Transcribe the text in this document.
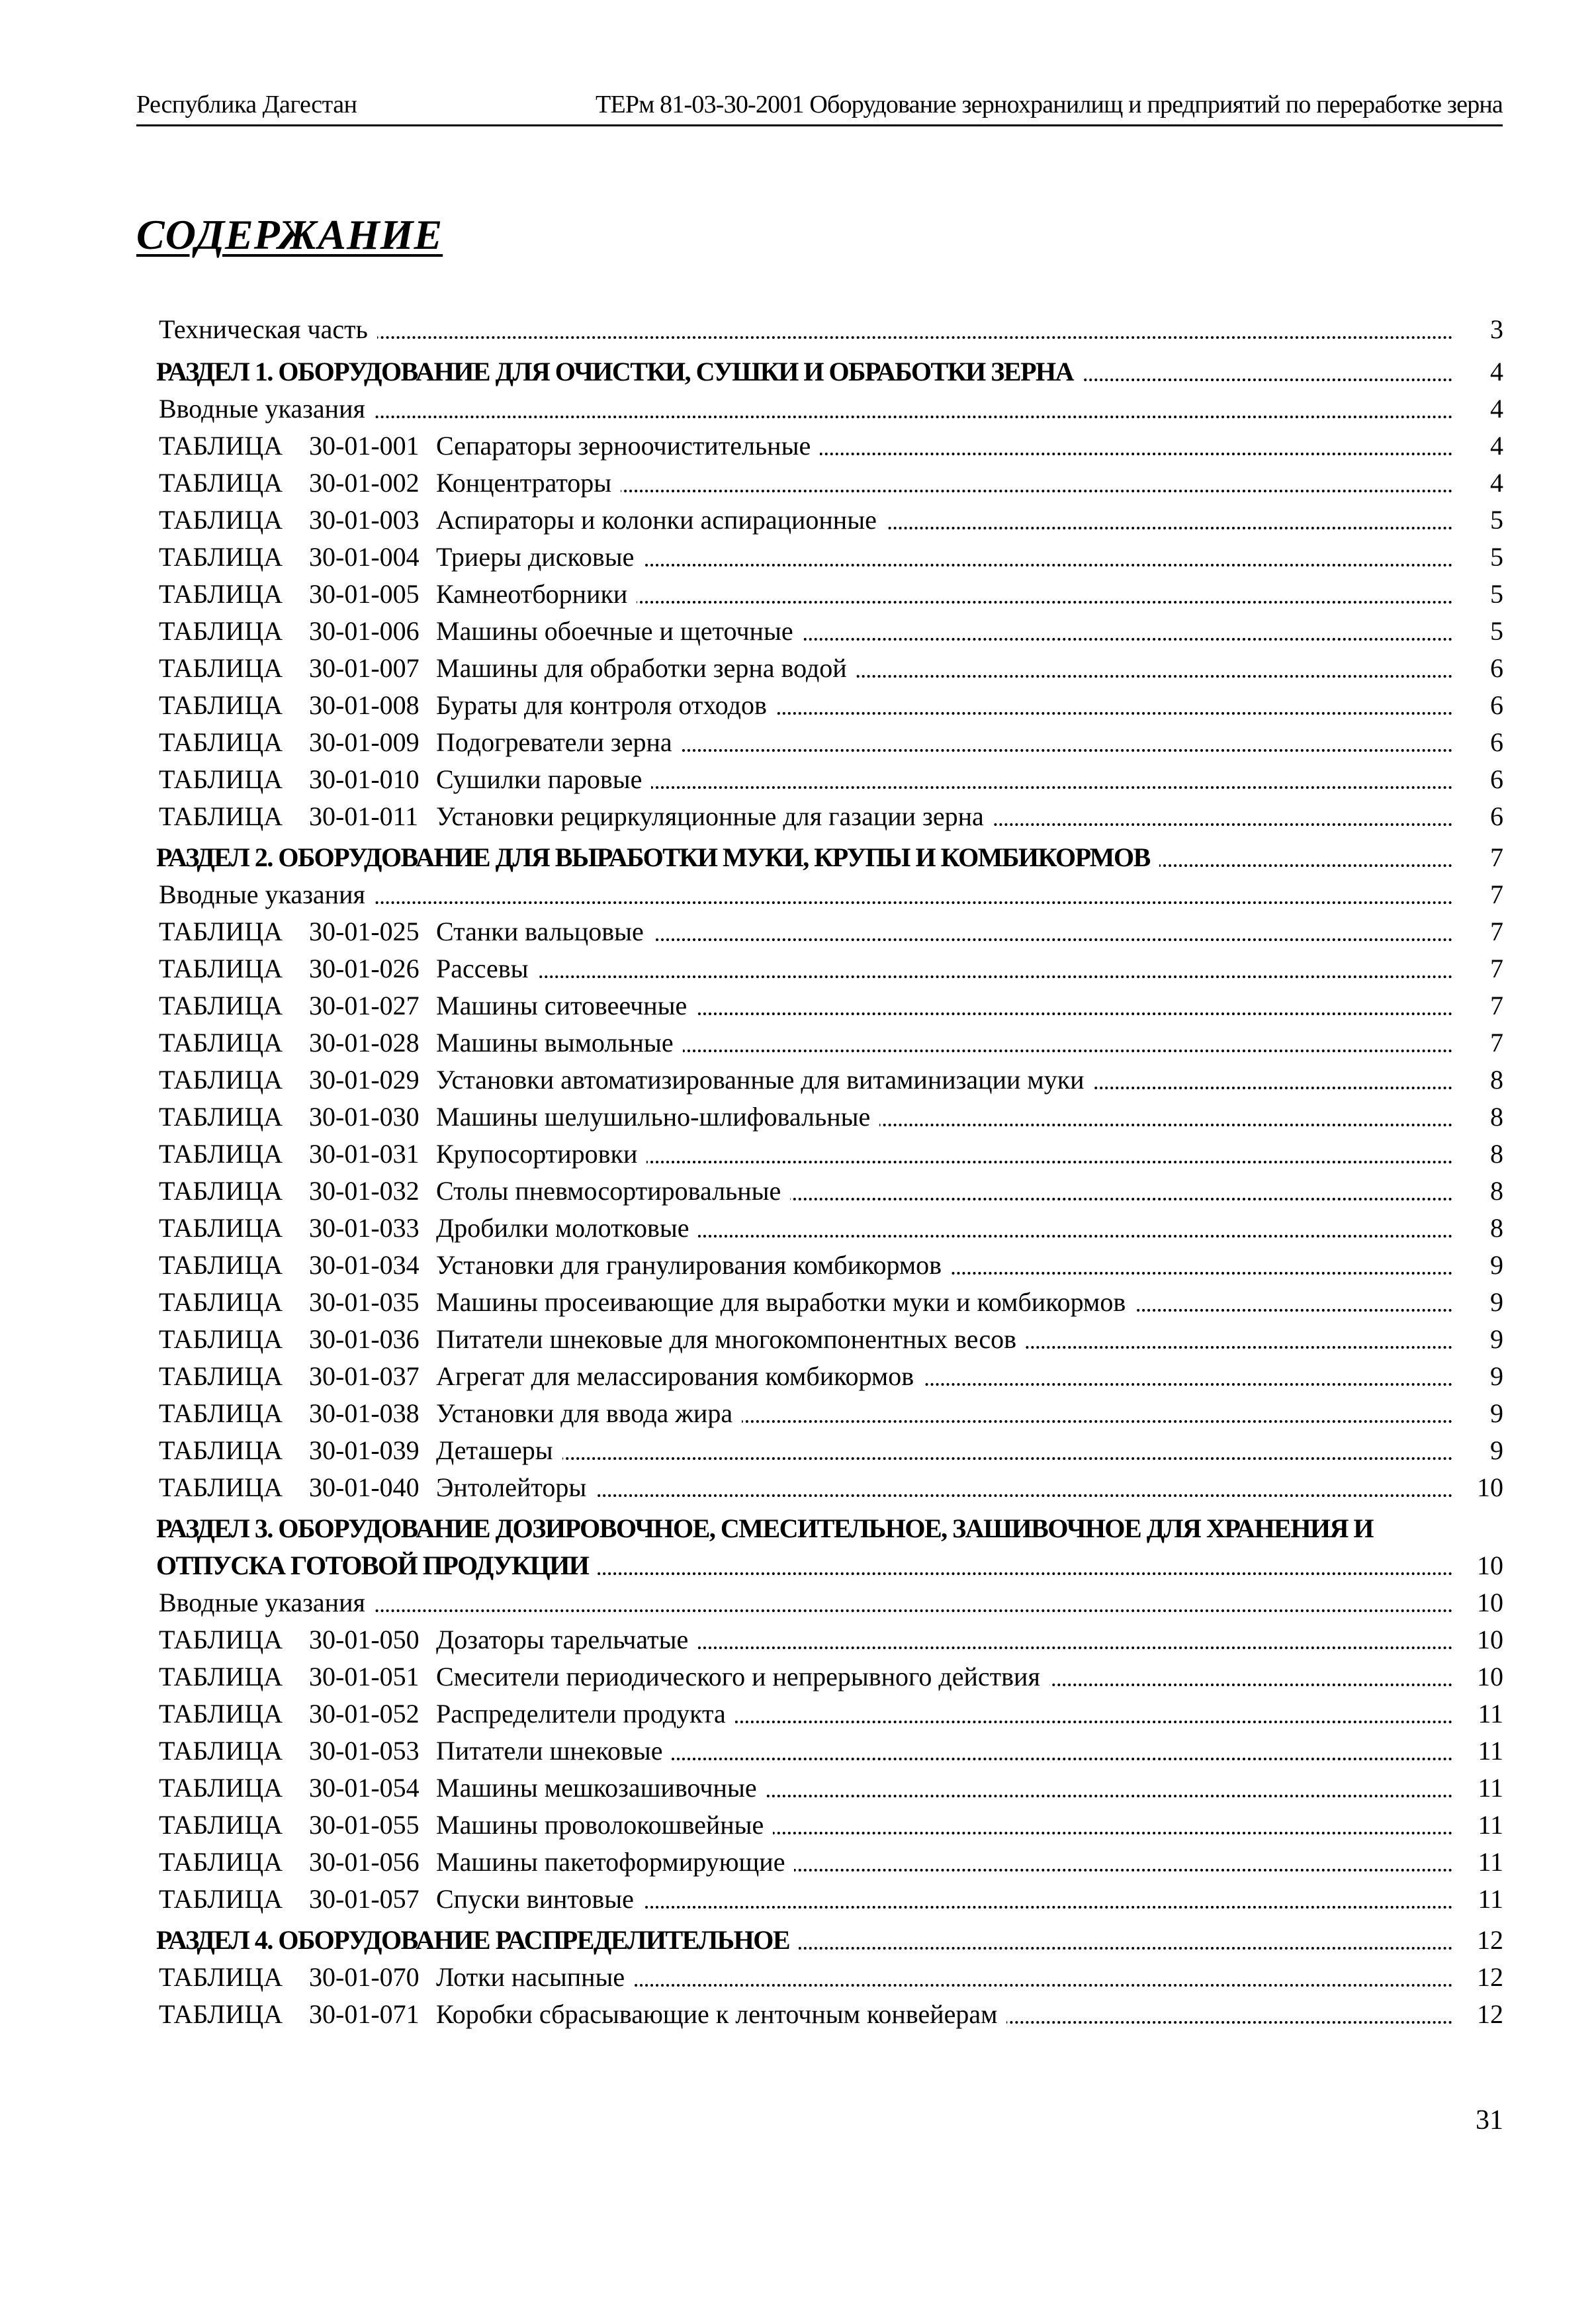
Республика Дагестан	ТЕРм 81-03-30-2001 Оборудование зернохранилищ и предприятий по переработке зерна
СОДЕРЖАНИЕ
Техническая часть	3
РАЗДЕЛ 1. ОБОРУДОВАНИЕ ДЛЯ ОЧИСТКИ, СУШКИ И ОБРАБОТКИ ЗЕРНА	4
Вводные указания	4
ТАБЛИЦА 30-01-001 Сепараторы зерноочистительные	4
ТАБЛИЦА 30-01-002 Концентраторы	4
ТАБЛИЦА 30-01-003 Аспираторы и колонки аспирационные	5
ТАБЛИЦА 30-01-004 Триеры дисковые	5
ТАБЛИЦА 30-01-005 Камнеотборники	5
ТАБЛИЦА 30-01-006 Машины обоечные и щеточные	5
ТАБЛИЦА 30-01-007 Машины для обработки зерна водой	6
ТАБЛИЦА 30-01-008 Бураты для контроля отходов	6
ТАБЛИЦА 30-01-009 Подогреватели зерна	6
ТАБЛИЦА 30-01-010 Сушилки паровые	6
ТАБЛИЦА 30-01-011 Установки рециркуляционные для газации зерна	6
РАЗДЕЛ 2. ОБОРУДОВАНИЕ ДЛЯ ВЫРАБОТКИ МУКИ, КРУПЫ И КОМБИКОРМОВ	7
Вводные указания	7
ТАБЛИЦА 30-01-025 Станки вальцовые	7
ТАБЛИЦА 30-01-026 Рассевы	7
ТАБЛИЦА 30-01-027 Машины ситовеечные	7
ТАБЛИЦА 30-01-028 Машины вымольные	7
ТАБЛИЦА 30-01-029 Установки автоматизированные для витаминизации муки	8
ТАБЛИЦА 30-01-030 Машины шелушильно-шлифовальные	8
ТАБЛИЦА 30-01-031 Крупосортировки	8
ТАБЛИЦА 30-01-032 Столы пневмосортировальные	8
ТАБЛИЦА 30-01-033 Дробилки молотковые	8
ТАБЛИЦА 30-01-034 Установки для гранулирования комбикормов	9
ТАБЛИЦА 30-01-035 Машины просеивающие для выработки муки и комбикормов	9
ТАБЛИЦА 30-01-036 Питатели шнековые для многокомпонентных весов	9
ТАБЛИЦА 30-01-037 Агрегат для мелассирования комбикормов	9
ТАБЛИЦА 30-01-038 Установки для ввода жира	9
ТАБЛИЦА 30-01-039 Деташеры	9
ТАБЛИЦА 30-01-040 Энтолейторы	10
РАЗДЕЛ 3. ОБОРУДОВАНИЕ ДОЗИРОВОЧНОЕ, СМЕСИТЕЛЬНОЕ, ЗАШИВОЧНОЕ ДЛЯ ХРАНЕНИЯ И
ОТПУСКА ГОТОВОЙ ПРОДУКЦИИ	10
Вводные указания	10
ТАБЛИЦА 30-01-050 Дозаторы тарельчатые	10
ТАБЛИЦА 30-01-051 Смесители периодического и непрерывного действия	10
ТАБЛИЦА 30-01-052 Распределители продукта	11
ТАБЛИЦА 30-01-053 Питатели шнековые	11
ТАБЛИЦА 30-01-054 Машины мешкозашивочные	11
ТАБЛИЦА 30-01-055 Машины проволокошвейные	11
ТАБЛИЦА 30-01-056 Машины пакетоформирующие	11
ТАБЛИЦА 30-01-057 Спуски винтовые	11
РАЗДЕЛ 4. ОБОРУДОВАНИЕ РАСПРЕДЕЛИТЕЛЬНОЕ	12
ТАБЛИЦА 30-01-070 Лотки насыпные	12
ТАБЛИЦА 30-01-071 Коробки сбрасывающие к ленточным конвейерам	12
31
